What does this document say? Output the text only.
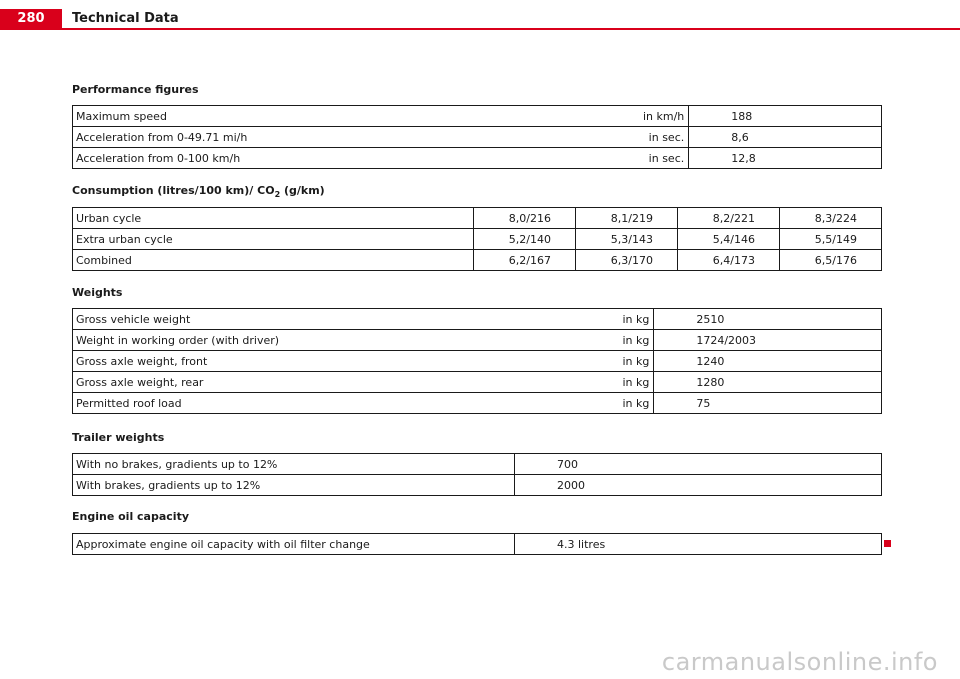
280	Technical Data
Performance figures
Maximum speed	in km/h	188
Acceleration from 0-49.71 mi/h	in sec.	8,6
Acceleration from 0-100 km/h	in sec.	12,8
Consumption (litres/100 km)/ $CO_2$ (g/km)
Urban cycle	8,0/216	8,1/219	8,2/221	8,3/224
Extra urban cycle	5,2/140	5,3/143	5,4/146	5,5/149
Combined	6,2/167	6,3/170	6,4/173	6,5/176
Weights
Gross vehicle weight	in kg	2510
Weight in working order (with driver)	in kg	1724/2003
Gross axle weight, front	in kg	1240
Gross axle weight, rear	in kg	1280
Permitted roof load	in kg	75
Trailer weights
With no brakes, gradients up to 12%	700
With brakes, gradients up to 12%	2000
Engine oil capacity
Approximate engine oil capacity with oil filter change	4.3 litres
carmanualsonline.info
